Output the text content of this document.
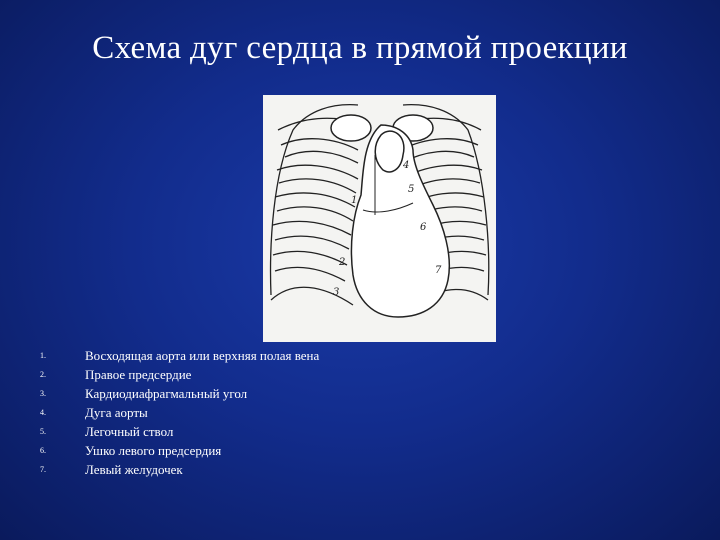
Схема дуг сердца в прямой проекции
1
2
3
4
5
6
7
1.	Восходящая аорта или верхняя полая вена
2.	Правое предсердие
3.	Кардиодиафрагмальный угол
4.	Дуга аорты
5.	Легочный ствол
6.	Ушко левого предсердия
7.	Левый желудочек
